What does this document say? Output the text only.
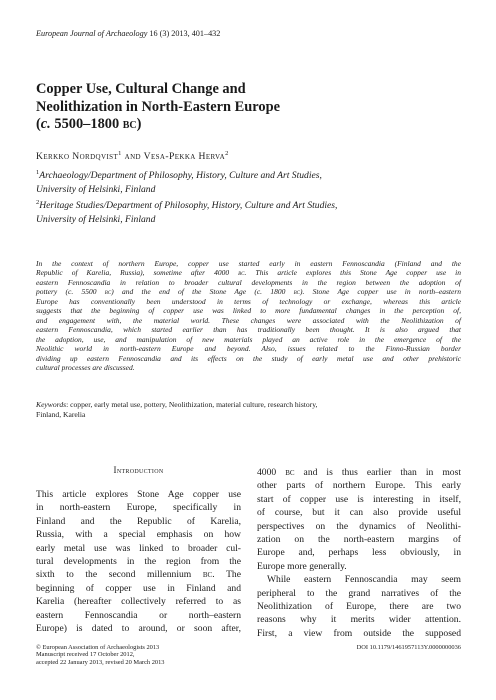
European Journal of Archaeology 16 (3) 2013, 401–432
Copper Use, Cultural Change and
Neolithization in North-Eastern Europe
(c. 5500–1800 bc)
Kerkko Nordqvist$^1$ and Vesa-Pekka Herva$^2$
$^1$Archaeology/Department of Philosophy, History, Culture and Art Studies,
University of Helsinki, Finland
$^2$Heritage Studies/Department of Philosophy, History, Culture and Art Studies,
University of Helsinki, Finland
In the context of northern Europe, copper use started early in eastern Fennoscandia (Finland and the
Republic of Karelia, Russia), sometime after 4000 bc. This article explores this Stone Age copper use in
eastern Fennoscandia in relation to broader cultural developments in the region between the adoption of
pottery (c. 5500 bc) and the end of the Stone Age (c. 1800 bc). Stone Age copper use in north–eastern
Europe has conventionally been understood in terms of technology or exchange, whereas this article
suggests that the beginning of copper use was linked to more fundamental changes in the perception of,
and engagement with, the material world. These changes were associated with the Neolithization of
eastern Fennoscandia, which started earlier than has traditionally been thought. It is also argued that
the adoption, use, and manipulation of new materials played an active role in the emergence of the
Neolithic world in north-eastern Europe and beyond. Also, issues related to the Finno-Russian border
dividing up eastern Fennoscandia and its effects on the study of early metal use and other prehistoric
cultural processes are discussed.
Keywords: copper, early metal use, pottery, Neolithization, material culture, research history,
Finland, Karelia
Introduction
This article explores Stone Age copper use
in north-eastern Europe, specifically in
Finland and the Republic of Karelia,
Russia, with a special emphasis on how
early metal use was linked to broader cul-
tural developments in the region from the
sixth to the second millennium bc. The
beginning of copper use in Finland and
Karelia (hereafter collectively referred to as
eastern Fennoscandia or north–eastern
Europe) is dated to around, or soon after,
4000 bc and is thus earlier than in most
other parts of northern Europe. This early
start of copper use is interesting in itself,
of course, but it can also provide useful
perspectives on the dynamics of Neolithi-
zation on the north-eastern margins of
Europe and, perhaps less obviously, in
Europe more generally.
While eastern Fennoscandia may seem
peripheral to the grand narratives of the
Neolithization of Europe, there are two
reasons why it merits wider attention.
First, a view from outside the supposed
© European Association of Archaeologists 2013
Manuscript received 17 October 2012,
accepted 22 January 2013, revised 20 March 2013
DOI 10.1179/1461957113Y.0000000036
